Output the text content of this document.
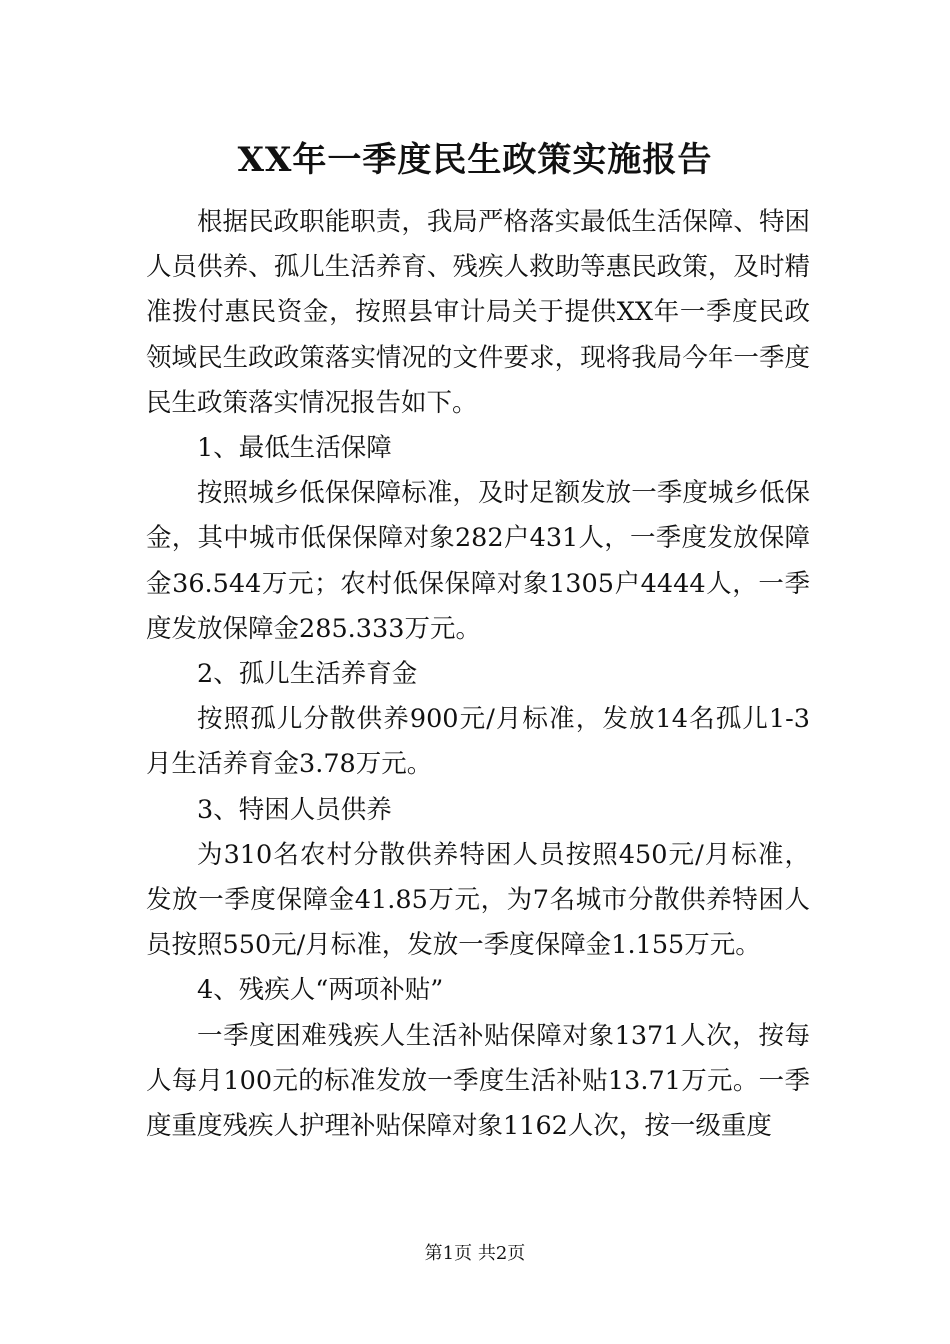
XX年一季度民生政策实施报告

根据民政职能职责，我局严格落实最低生活保障、特困人员供养、孤儿生活养育、残疾人救助等惠民政策，及时精准拨付惠民资金，按照县审计局关于提供XX年一季度民政领域民生政政策落实情况的文件要求，现将我局今年一季度民生政策落实情况报告如下。

1、最低生活保障

按照城乡低保保障标准，及时足额发放一季度城乡低保金，其中城市低保保障对象282户431人，一季度发放保障金36.544万元；农村低保保障对象1305户4444人，一季度发放保障金285.333万元。

2、孤儿生活养育金

按照孤儿分散供养900元/月标准，发放14名孤儿1-3月生活养育金3.78万元。

3、特困人员供养

为310名农村分散供养特困人员按照450元/月标准，发放一季度保障金41.85万元，为7名城市分散供养特困人员按照550元/月标准，发放一季度保障金1.155万元。

4、残疾人“两项补贴”

一季度困难残疾人生活补贴保障对象1371人次，按每人每月100元的标准发放一季度生活补贴13.71万元。一季度重度残疾人护理补贴保障对象1162人次，按一级重度

第1页 共2页
